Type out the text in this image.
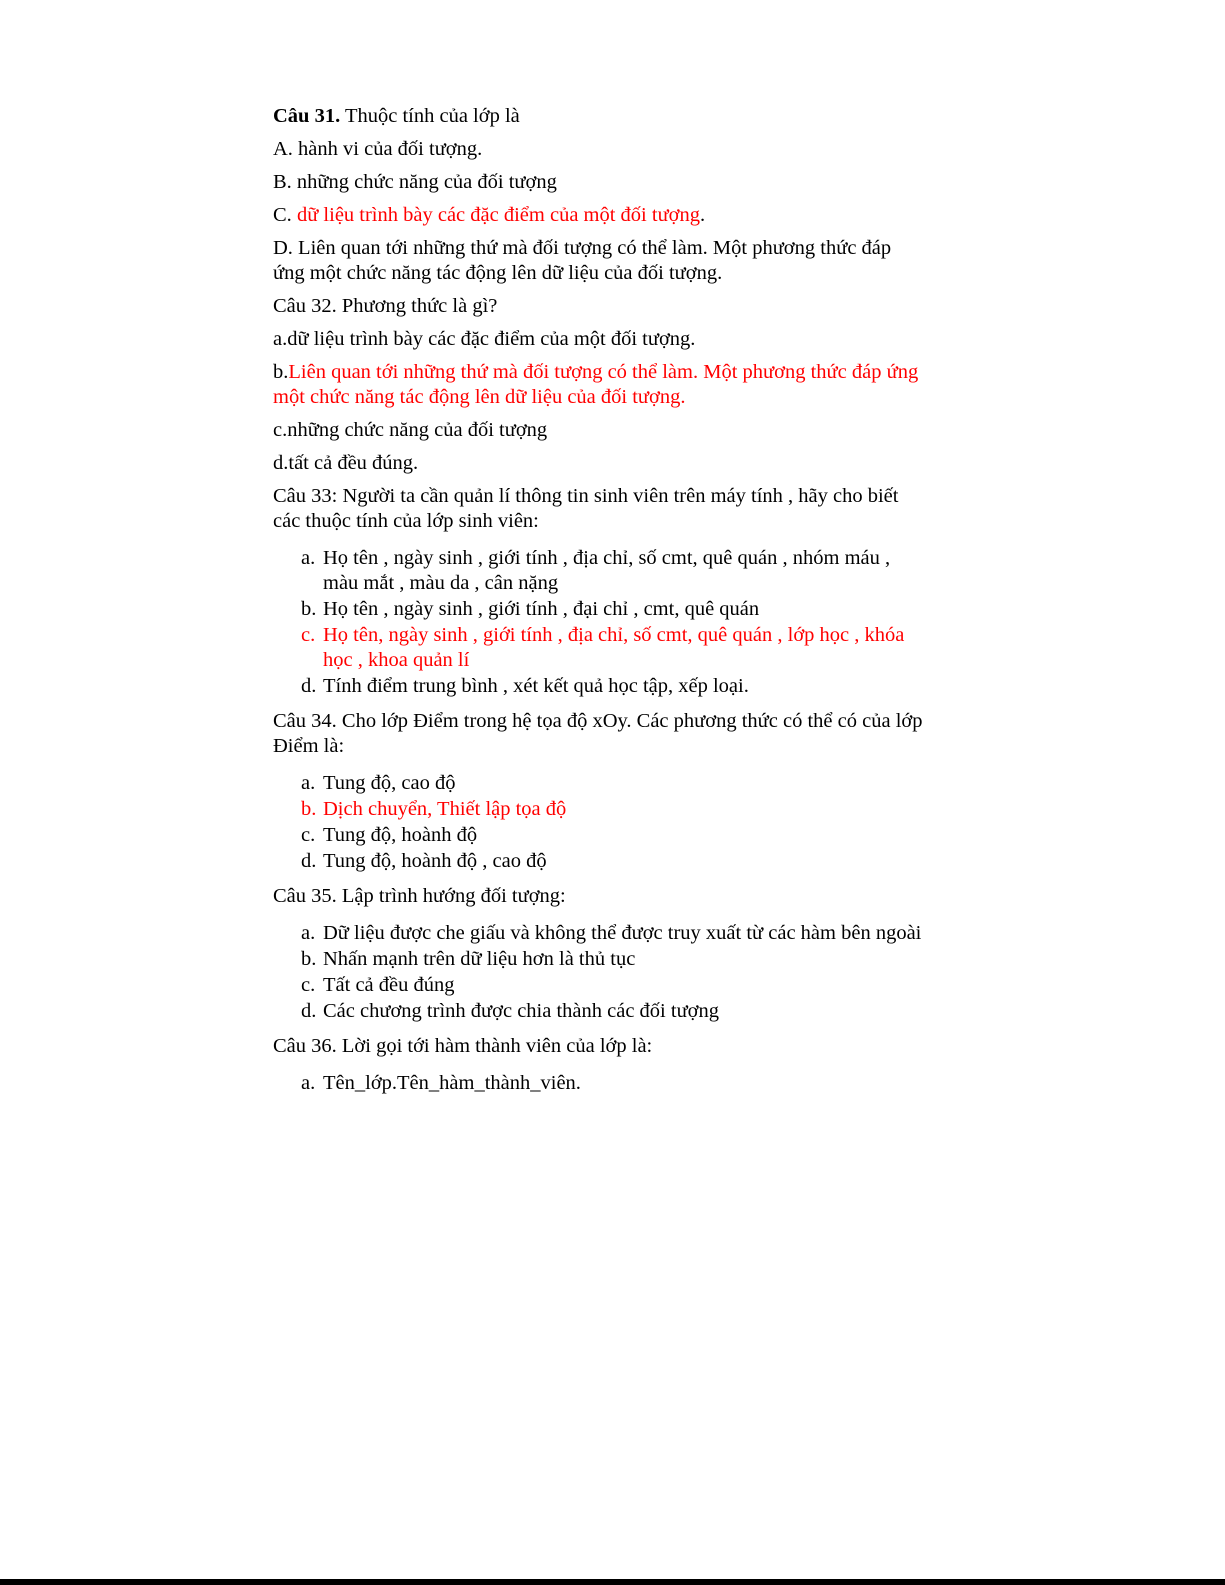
Câu 31. Thuộc tính của lớp là

A. hành vi của đối tượng.

B. những chức năng của đối tượng

C. dữ liệu trình bày các đặc điểm của một đối tượng.

D. Liên quan tới những thứ mà đối tượng có thể làm. Một phương thức đáp ứng một chức năng tác động lên dữ liệu của đối tượng.

Câu 32. Phương thức là gì?

a.dữ liệu trình bày các đặc điểm của một đối tượng.

b.Liên quan tới những thứ mà đối tượng có thể làm. Một phương thức đáp ứng một chức năng tác động lên dữ liệu của đối tượng.

c.những chức năng của đối tượng

d.tất cả đều đúng.

Câu 33: Người ta cần quản lí thông tin sinh viên trên máy tính , hãy cho biết các thuộc tính của lớp sinh viên:

a. Họ tên , ngày sinh , giới tính , địa chỉ, số cmt, quê quán , nhóm máu , màu mắt , màu da , cân nặng
b. Họ tên , ngày sinh , giới tính , đại chỉ , cmt, quê quán
c. Họ tên, ngày sinh , giới tính , địa chỉ, số cmt, quê quán , lớp học , khóa học , khoa quản lí
d. Tính điểm trung bình , xét kết quả học tập, xếp loại.

Câu 34. Cho lớp Điểm trong hệ tọa độ xOy. Các phương thức có thể có của lớp Điểm là:

a. Tung độ, cao độ
b. Dịch chuyển, Thiết lập tọa độ
c. Tung độ, hoành độ
d. Tung độ, hoành độ , cao độ

Câu 35. Lập trình hướng đối tượng:

a. Dữ liệu được che giấu và không thể được truy xuất từ các hàm bên ngoài
b. Nhấn mạnh trên dữ liệu hơn là thủ tục
c. Tất cả đều đúng
d. Các chương trình được chia thành các đối tượng

Câu 36. Lời gọi tới hàm thành viên của lớp là:

a. Tên_lớp.Tên_hàm_thành_viên.
